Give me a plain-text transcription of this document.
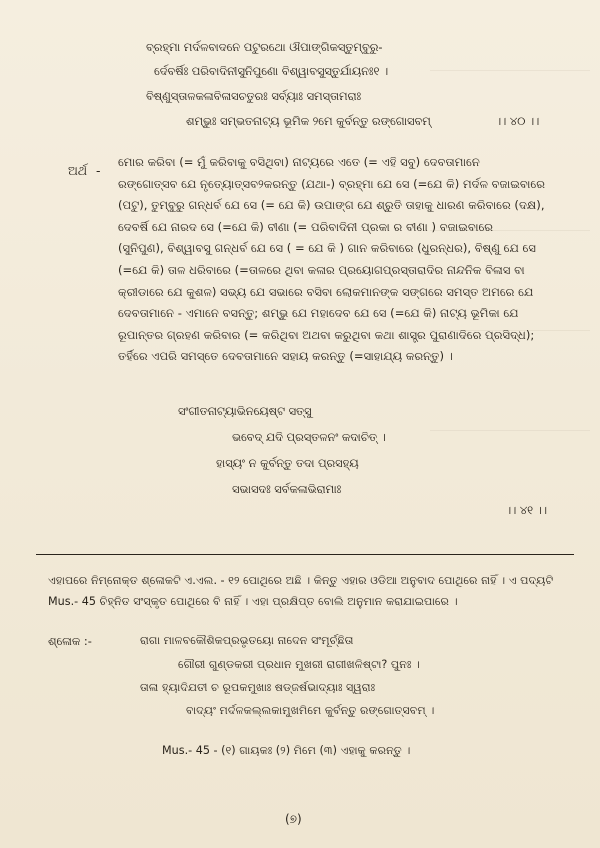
ବ୍ରହ୍ମା ମର୍ଦଳବାଦନେ ପଟୁରଥୋ ଔପାଙ୍ଗିକସ୍ତୁମ୍ବୁରୁ-
ର୍ଦେବର୍ଷିଃ ପରିବାଦିନୀସୁନିପୁଣୋ ବିଶ୍ୱାବସୁସ୍ତୁର୍ଯାୟନଃ୧ ।
ବିଷ୍ଣୁସ୍ତାଳକଳାବିଳାସଚତୁରଃ ସର୍ବ୍ୟାଃ ସମସ୍ତାମରାଃ
ଶମ୍ଭୁଃ ସମ୍ଭତନାଟ୍ୟ ଭୂମିକ ୨ମେ କୁର୍ବନ୍ତୁ ରଙ୍ଗୋସବମ୍	।। ୪୦ ।।
ଅର୍ଥ -

ମୋର କରିବା (= ମୁଁ କରିବାକୁ ବସିଥିବା) ନାଟ୍ୟରେ ଏତେ (= ଏହି ସବୁ) ଦେବତାମାନେ

ରଙ୍ଗୋତ୍ସବ ଯେ ନୃତ୍ୟୋତ୍ସବ୨କରନ୍ତୁ (ଯଥା-) ବ୍ରହ୍ମା ଯେ ସେ (=ଯେ କି) ମର୍ଦଳ ବଜାଇବାରେ

(ପଟୁ), ତୁମ୍ବୁରୁ ଗନ୍ଧର୍ବ ଯେ ସେ (= ଯେ କି) ଉପାଙ୍ଗ ଯେ ଶ୍ରୁତି ତାହାକୁ ଧାରଣ କରିବାରେ (ଦକ୍ଷ),

ଦେବର୍ଷି ଯେ ନାରଦ ସେ (=ଯେ କି) ବୀଣା (= ପରିବାଦିନୀ ପ୍ରକା ର ବୀଣା ) ବଜାଇବାରେ

(ସୁନିପୁଣ), ବିଶ୍ୱାବସୁ ଗନ୍ଧର୍ବ ଯେ ସେ ( = ଯେ କି ) ଗାନ କରିବାରେ (ଧୁରନ୍ଧର), ବିଷ୍ଣୁ ଯେ ସେ

(=ଯେ କି) ତାଳ ଧରିବାରେ (=ତାଳରେ ଥିବା କଳାର ପ୍ରୟୋଗପ୍ରସ୍ତାରାଦିର ନାନ୍ଦନିକ ବିଳାସ ବା

କ୍ରୀଡାରେ ଯେ କୁଶଳ) ସଭ୍ୟ ଯେ ସଭାରେ ବସିବା ଲୋକମାନଙ୍କ ସଙ୍ଗରେ ସମସ୍ତ ଅମରେ ଯେ

ଦେବତାମାନେ - ଏମାନେ ବସନ୍ତୁ; ଶମ୍ଭୁ ଯେ ମହାଦେବ ଯେ ସେ (=ଯେ କି) ନାଟ୍ୟ ଭୂମିକା ଯେ

ରୂପାନ୍ତର ଗ୍ରହଣ କରିବାର (= କରିଥିବା ଅଥବା କରୁଥିବା କଥା ଶାସ୍ତ୍ର ପୁରାଣାଦିରେ ପ୍ରସିଦ୍ଧ);

ତର୍ହିରେ ଏପରି ସମସ୍ତେ ଦେବତାମାନେ ସହାୟ କରନ୍ତୁ (=ସାହାଯ୍ୟ କରନ୍ତୁ) ।

ସଂଗୀତନାଟ୍ୟାଭିନୟେଷ୍ଟ ସତ୍ସୁ
ଭବେଦ୍ ଯଦି ପ୍ରସ୍ତଳନଂ କଦାଚିତ୍ ।
ହାସ୍ୟଂ ନ କୁର୍ବନ୍ତୁ ତଦା ପ୍ରସହ୍ୟ
ସଭାସଦଃ ସର୍ବକଳାଭିରାମାଃ
।। ୪୧ ।।

ଏହାପରେ ନିମ୍ନୋକ୍ତ ଶ୍ଳୋକଟି ଏ.ଏଲ. - ୧୨ ପୋଥିରେ ଅଛି । କିନ୍ତୁ ଏହାର ଓଡିଆ ଅନୁବାଦ ପୋଥିରେ ନାହିଁ । ଏ ପଦ୍ୟଟି

Mus.- 45 ଚିହ୍ନିତ ସଂସ୍କୃତ ପୋଥିରେ ବି ନାହିଁ । ଏହା ପ୍ରକ୍ଷିପ୍ତ ବୋଲି ଅନୁମାନ କରାଯାଇପାରେ ।

ଶ୍ଳୋକ :-	ରାଗା ମାଳବକୌଶିକପ୍ରଭୃତୟୋ ନାଦେନ ସଂମୂର୍ଚ୍ଛିତା
ଗୌରୀ ଗୁଣ୍ଡକରୀ ପ୍ରଧାନ ମୁଖରୀ ରାଗୀଖଳିଷ୍ଟା? ପୁନଃ ।
ତାଳା ହ୍ୟାଦିଯତୀ ଚ ରୂପକମୁଖାଃ ଷଡ୍ଜର୍ଷଭାଦ୍ୟାଃ ସ୍ୱରାଃ
ବାଦ୍ୟଂ ମର୍ଦଳକଲ୍ଲକାମୁଖମିମେ କୁର୍ବନ୍ତୁ ରଙ୍ଗୋତ୍ସବମ୍ ।
Mus.- 45 - (୧) ଗାୟକଃ (୨) ମିମେ (୩) ଏହାକୁ କରନ୍ତୁ ।
(୭)
